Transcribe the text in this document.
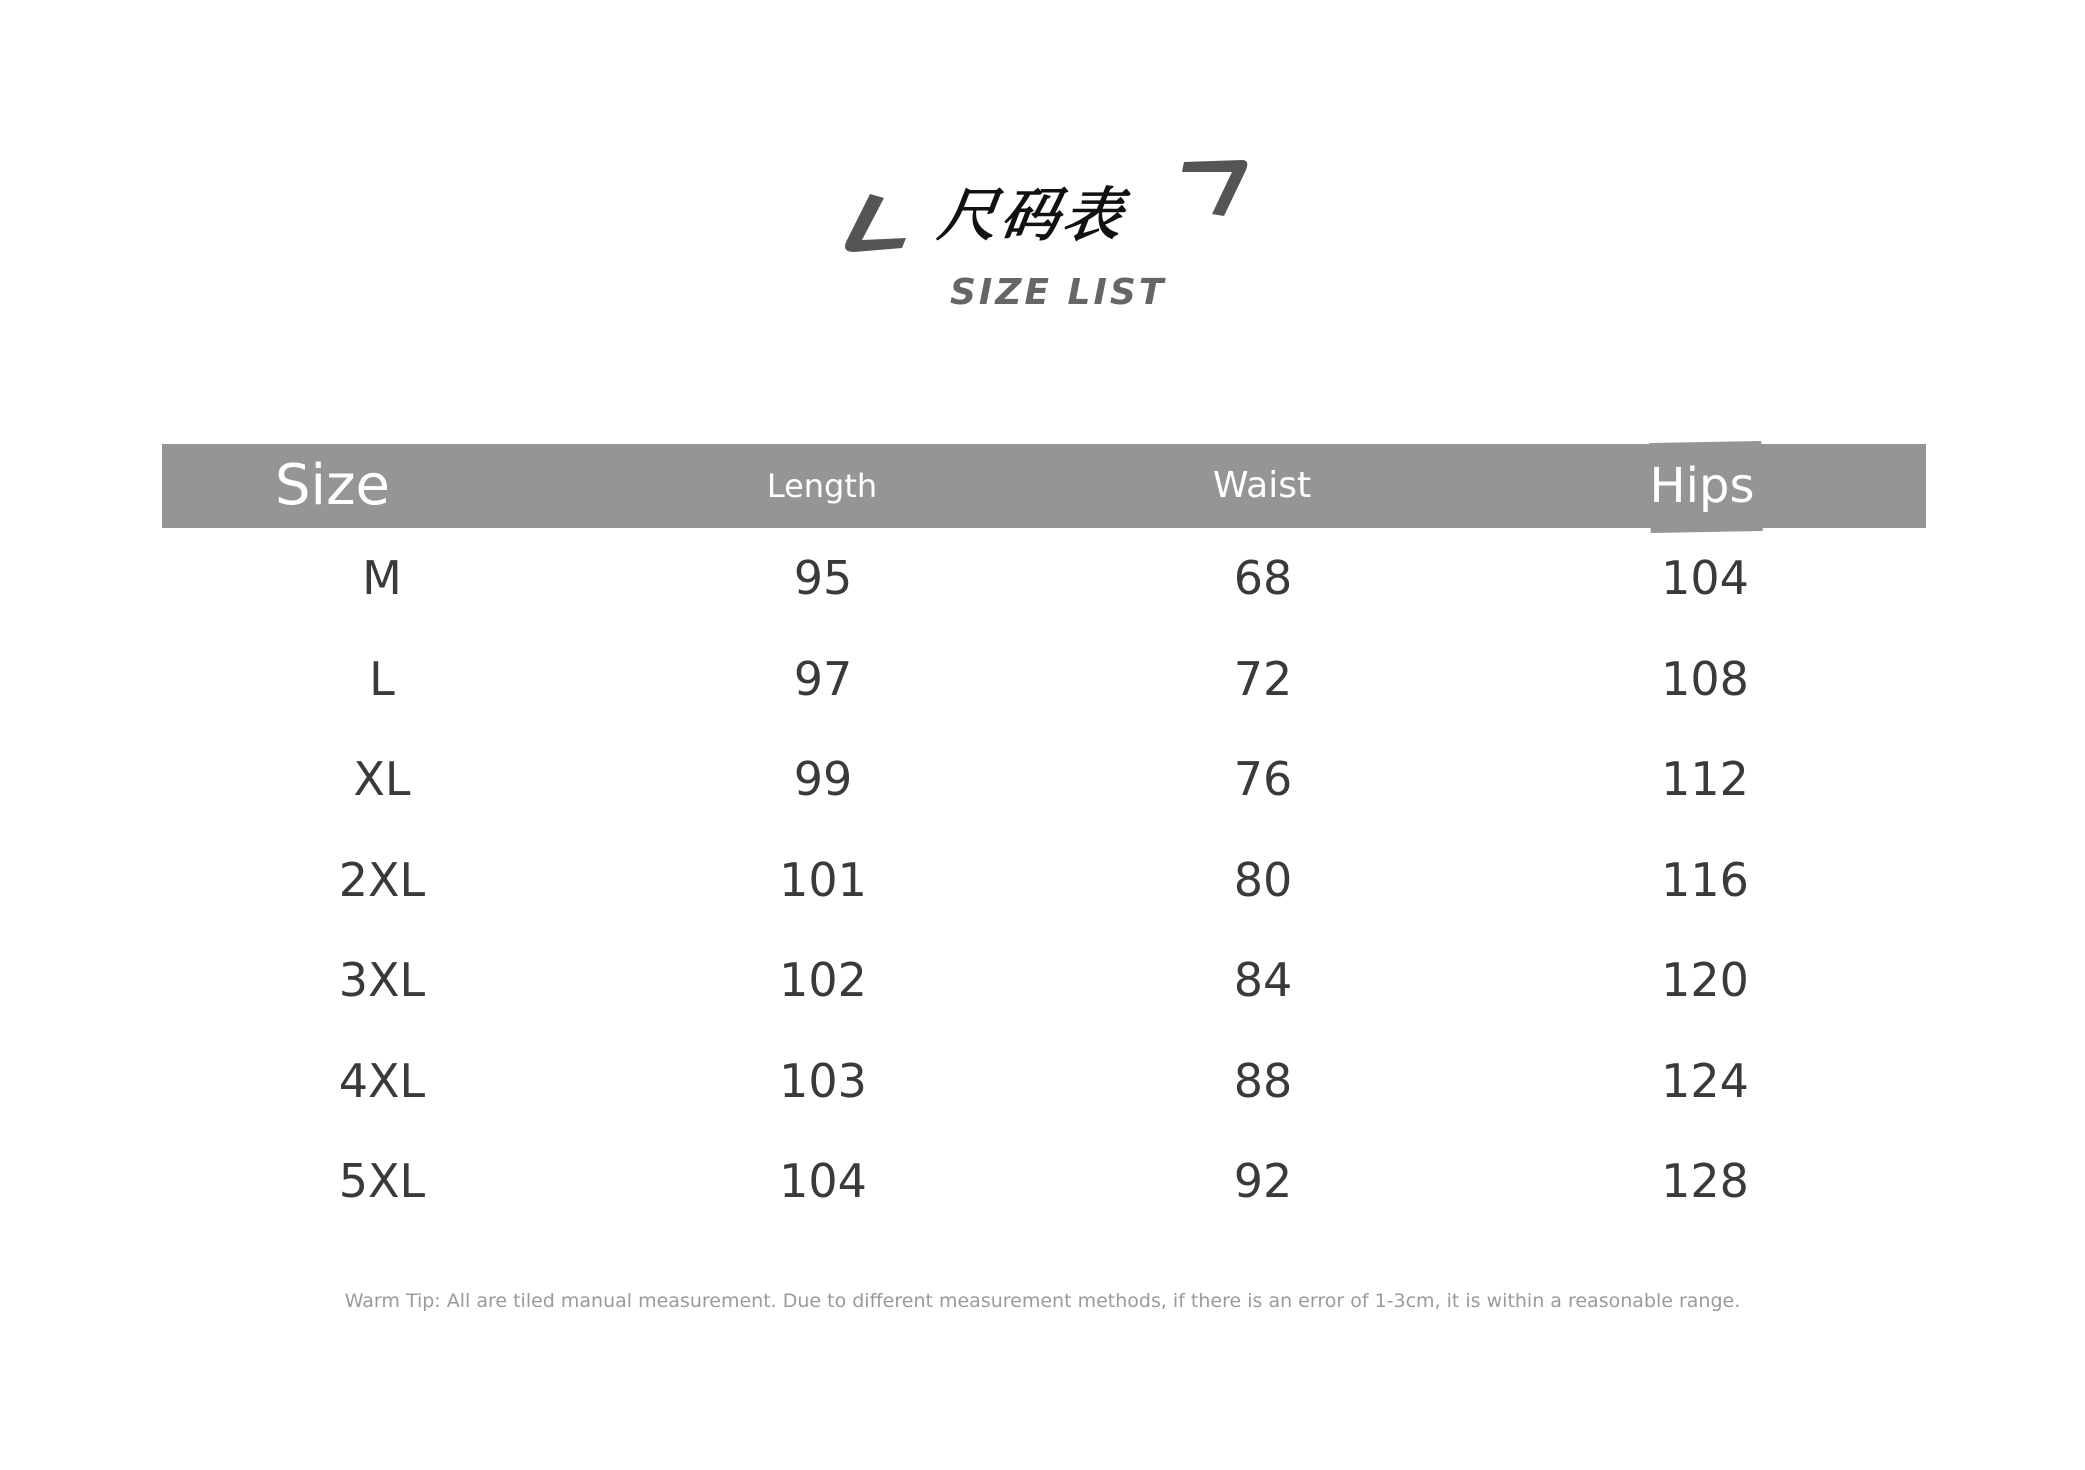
尺码表
SIZE LIST
Size	Length	Waist	Hips
M	95	68	104
L	97	72	108
XL	99	76	112
2XL	101	80	116
3XL	102	84	120
4XL	103	88	124
5XL	104	92	128
Warm Tip: All are tiled manual measurement. Due to different measurement methods, if there is an error of 1-3cm, it is within a reasonable range.
